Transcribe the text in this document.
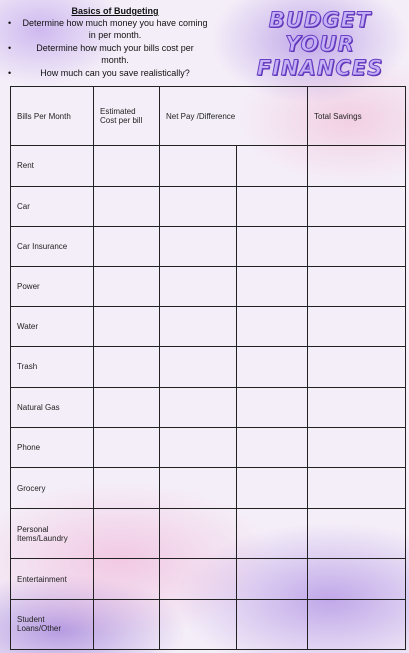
Basics of Budgeting
• Determine how much money you have coming in per month.
•	Determine how much your bills cost per month.
•	How much can you save realistically?
BUDGET YOUR
FINANCES
Bills Per Month	Estimated Cost per bill	Net Pay /Difference		Total Savings
Rent				
Car				
Car Insurance				
Power				
Water				
Trash				
Natural Gas				
Phone				
Grocery				
Personal Items/Laundry				
Entertainment				
Student Loans/Other				
